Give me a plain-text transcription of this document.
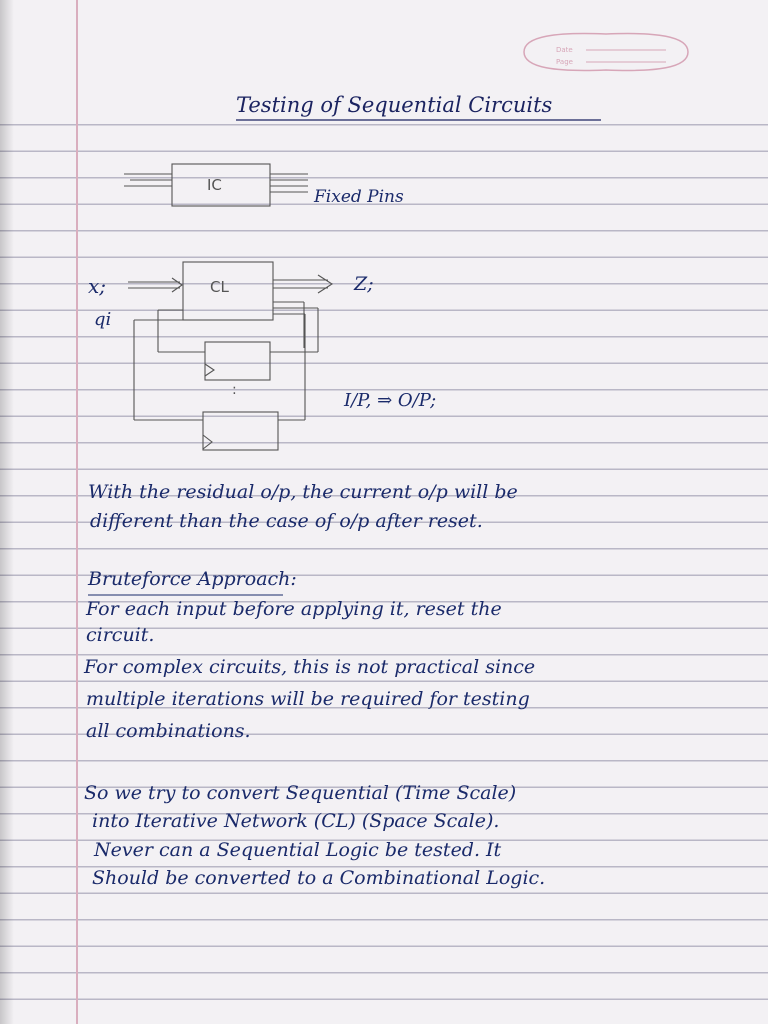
Date
Page
Testing of Sequential Circuits
IC
Fixed Pins
CL
x;
qi
Z;
:	I/P, ⇒ O/P;
With the residual o/p, the current o/p will be
different than the case of o/p after reset.
Bruteforce Approach:
For each input before applying it, reset the
circuit.
For complex circuits, this is not practical since
multiple iterations will be required for testing
all combinations.
So we try to convert Sequential (Time Scale)
into Iterative Network (CL) (Space Scale).
Never can a Sequential Logic be tested. It
Should be converted to a Combinational Logic.
